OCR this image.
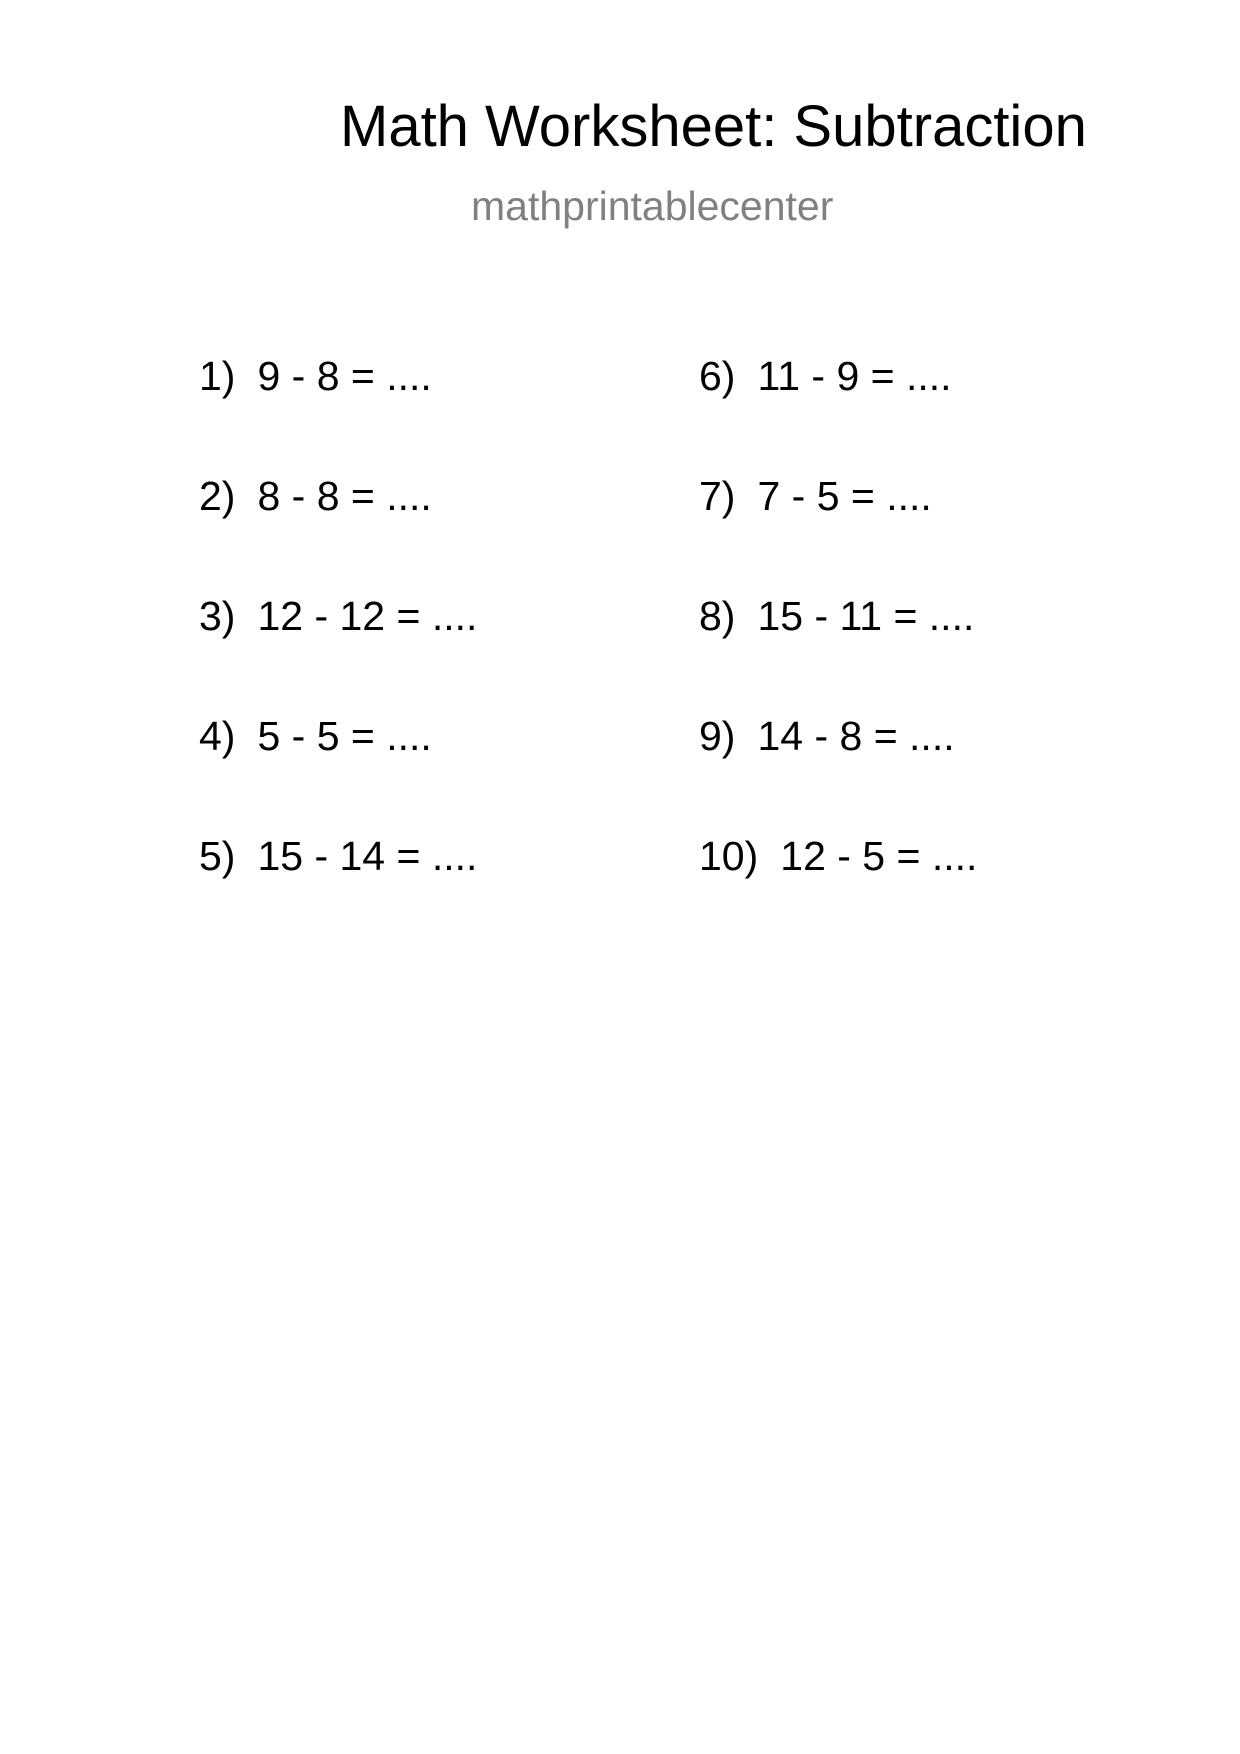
Math Worksheet: Subtraction
mathprintablecenter
1) 9 - 8 = ....
2) 8 - 8 = ....
3) 12 - 12 = ....
4) 5 - 5 = ....
5) 15 - 14 = ....
6) 11 - 9 = ....
7) 7 - 5 = ....
8) 15 - 11 = ....
9) 14 - 8 = ....
10) 12 - 5 = ....
